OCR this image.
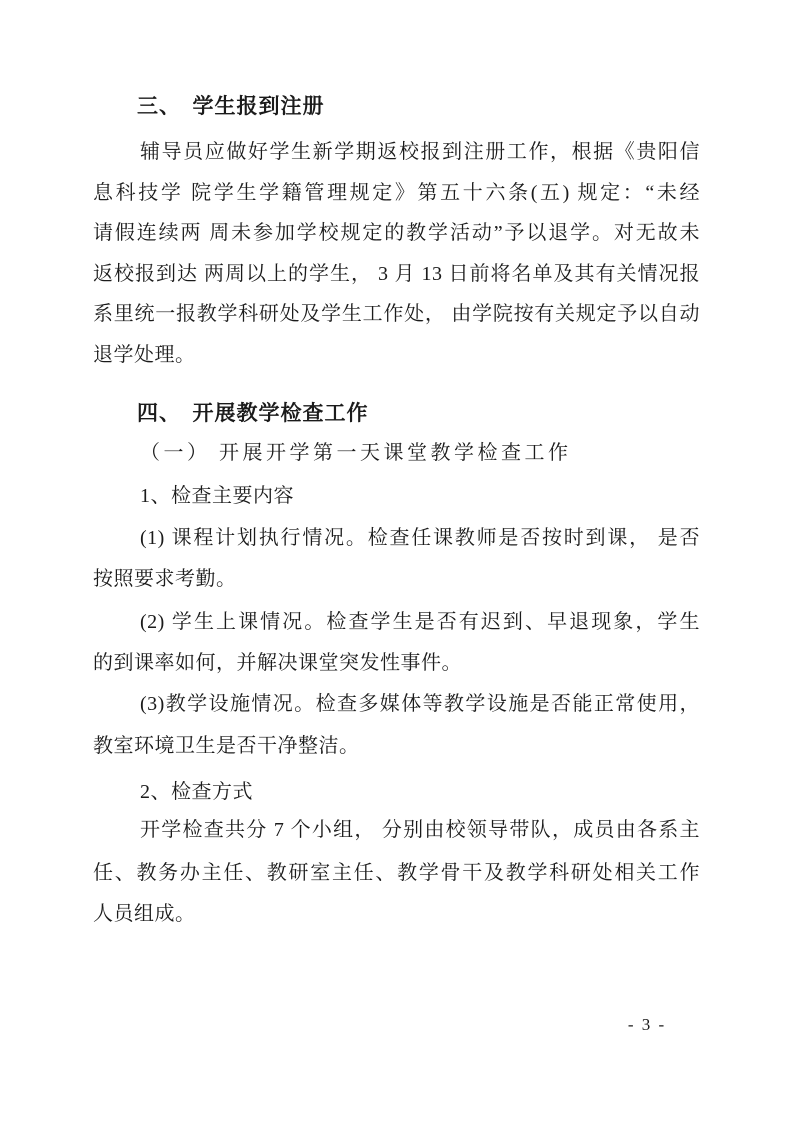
三、　学生报到注册
辅导员应做好学生新学期返校报到注册工作，根据《贵阳信
息科技学 院学生学籍管理规定》第五十六条(五) 规定：“未经
请假连续两 周未参加学校规定的教学活动”予以退学。对无故未
返校报到达 两周以上的学生， 3 月 13 日前将名单及其有关情况报
系里统一报教学科研处及学生工作处， 由学院按有关规定予以自动
退学处理。
四、　开展教学检查工作
（一） 开展开学第一天课堂教学检查工作
1、检查主要内容
(1) 课程计划执行情况。检查任课教师是否按时到课， 是否
按照要求考勤。
(2) 学生上课情况。检查学生是否有迟到、早退现象，学生
的到课率如何，并解决课堂突发性事件。
(3)教学设施情况。检查多媒体等教学设施是否能正常使用，
教室环境卫生是否干净整洁。
2、检查方式
开学检查共分 7 个小组， 分别由校领导带队，成员由各系主
任、教务办主任、教研室主任、教学骨干及教学科研处相关工作
人员组成。
- 3 -
